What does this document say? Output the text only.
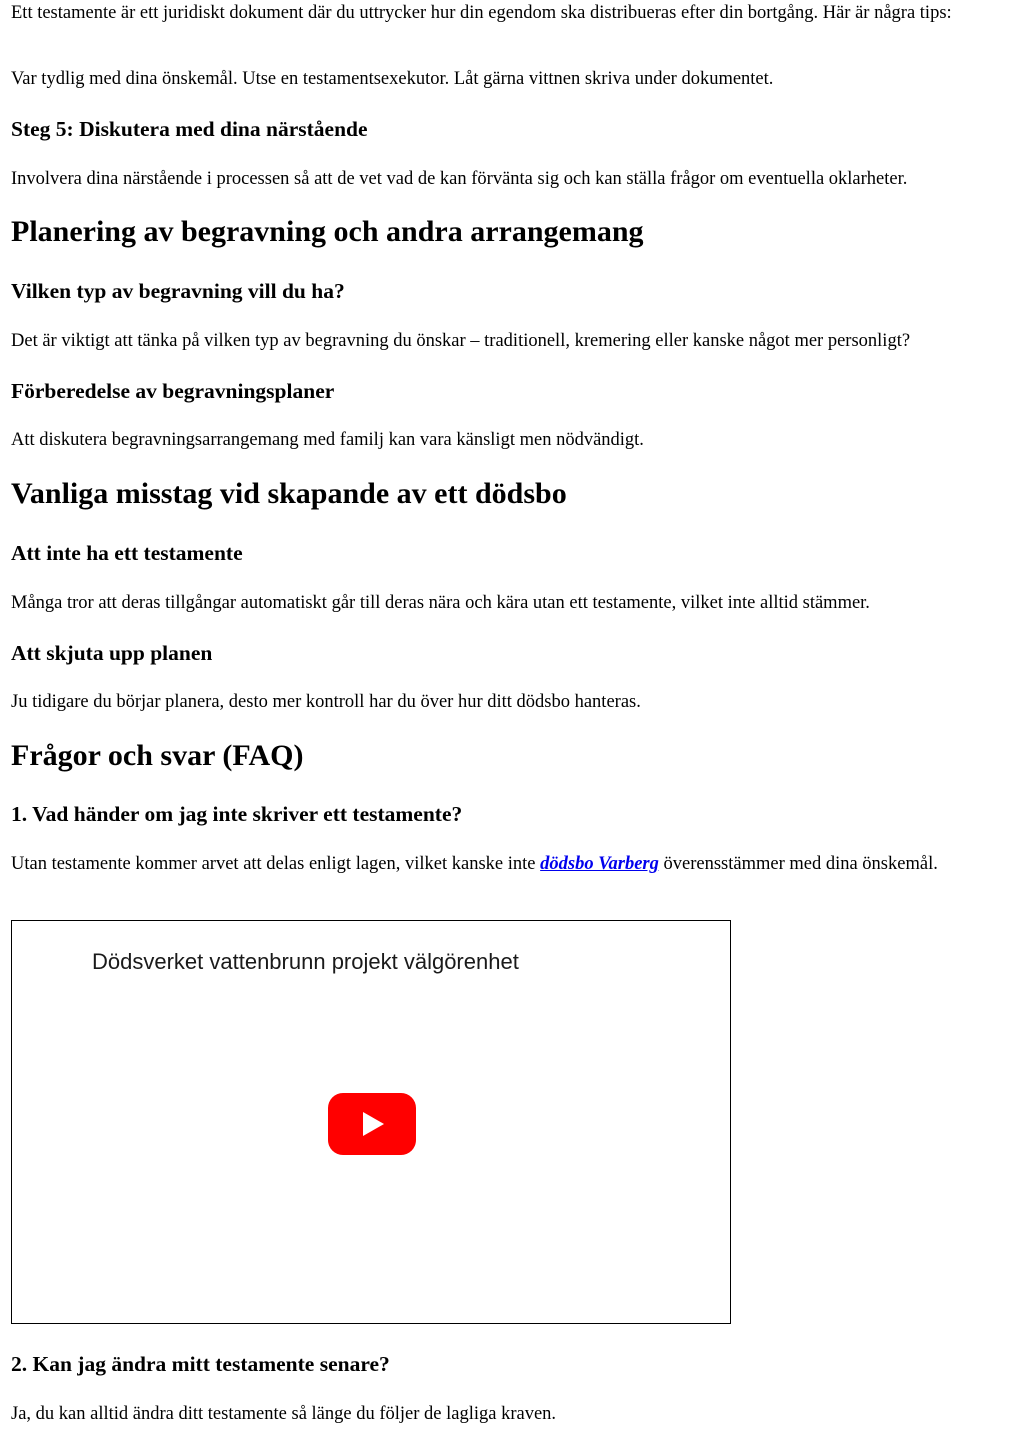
Ett testamente är ett juridiskt dokument där du uttrycker hur din egendom ska distribueras efter din bortgång. Här är några tips:

Var tydlig med dina önskemål. Utse en testamentsexekutor. Låt gärna vittnen skriva under dokumentet.

Steg 5: Diskutera med dina närstående

Involvera dina närstående i processen så att de vet vad de kan förvänta sig och kan ställa frågor om eventuella oklarheter.

Planering av begravning och andra arrangemang
Vilken typ av begravning vill du ha?

Det är viktigt att tänka på vilken typ av begravning du önskar – traditionell, kremering eller kanske något mer personligt?

Förberedelse av begravningsplaner

Att diskutera begravningsarrangemang med familj kan vara känsligt men nödvändigt.

Vanliga misstag vid skapande av ett dödsbo
Att inte ha ett testamente

Många tror att deras tillgångar automatiskt går till deras nära och kära utan ett testamente, vilket inte alltid stämmer.

Att skjuta upp planen

Ju tidigare du börjar planera, desto mer kontroll har du över hur ditt dödsbo hanteras.

Frågor och svar (FAQ)
1. Vad händer om jag inte skriver ett testamente?

Utan testamente kommer arvet att delas enligt lagen, vilket kanske inte dödsbo Varberg överensstämmer med dina önskemål.

Dödsverket vattenbrunn projekt välgörenhet
2. Kan jag ändra mitt testamente senare?

Ja, du kan alltid ändra ditt testamente så länge du följer de lagliga kraven.
